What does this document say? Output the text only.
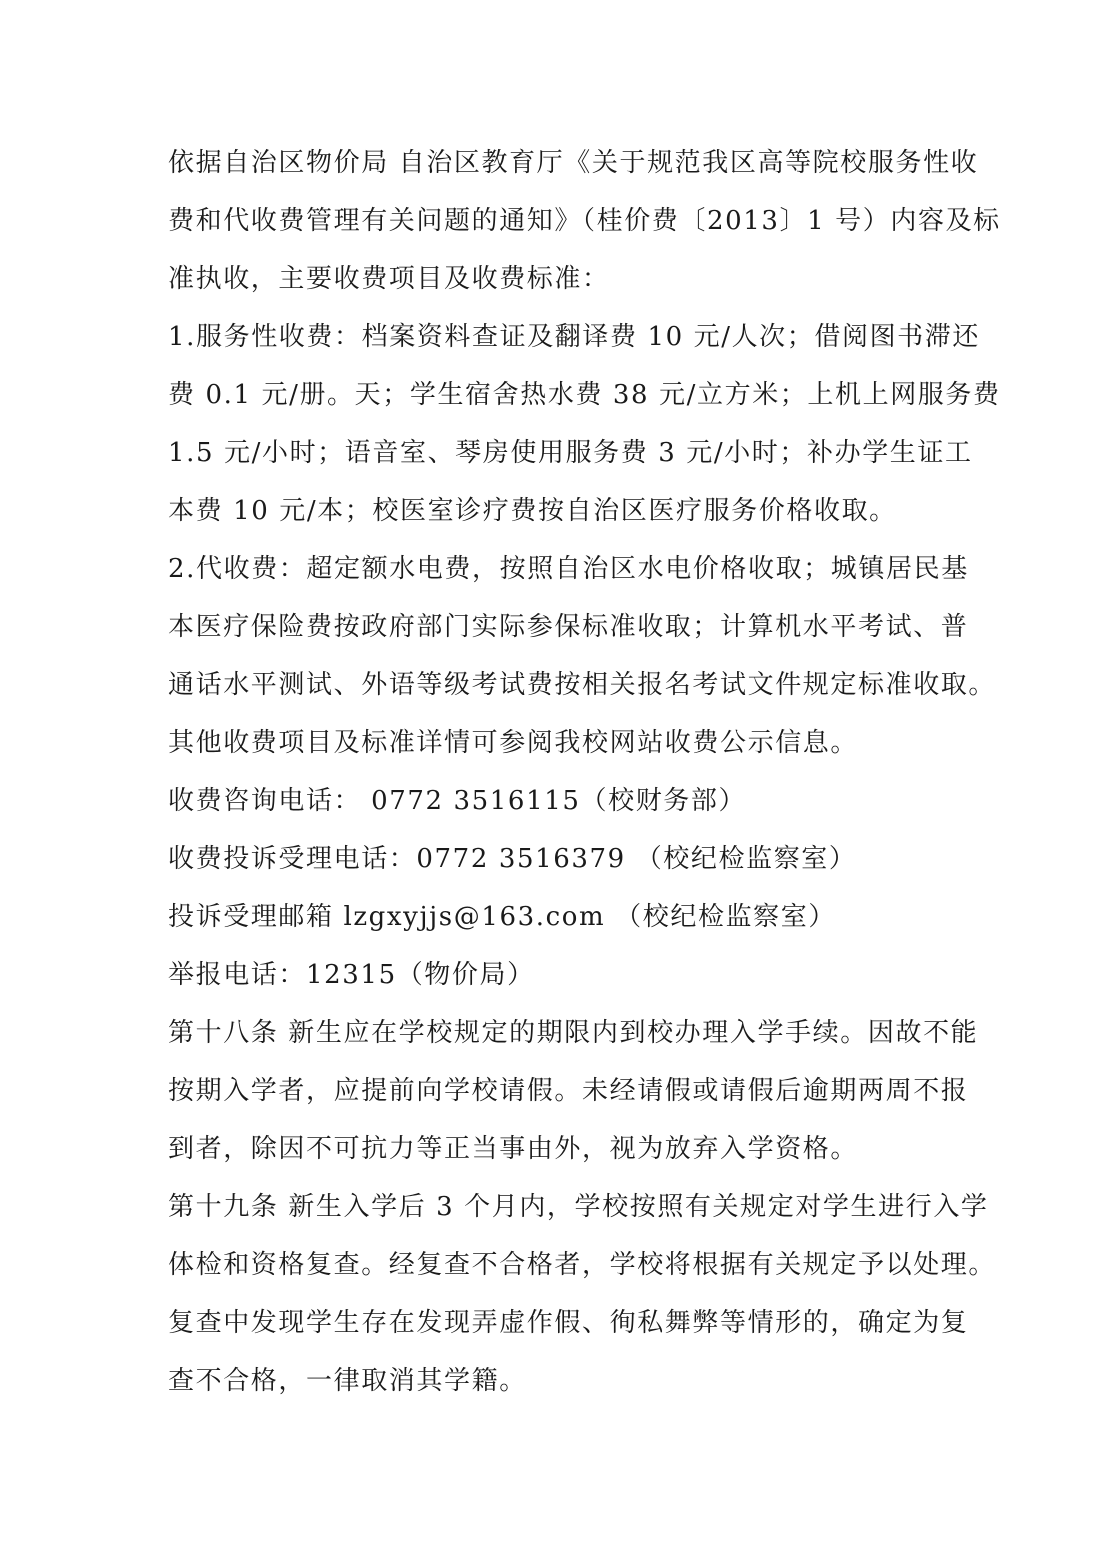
依据自治区物价局 自治区教育厅《关于规范我区高等院校服务性收
费和代收费管理有关问题的通知》（桂价费〔2013〕1 号）内容及标
准执收，主要收费项目及收费标准：
1.服务性收费：档案资料查证及翻译费 10 元/人次；借阅图书滞还
费 0.1 元/册。天；学生宿舍热水费 38 元/立方米；上机上网服务费
1.5 元/小时；语音室、琴房使用服务费 3 元/小时；补办学生证工
本费 10 元/本；校医室诊疗费按自治区医疗服务价格收取。
2.代收费：超定额水电费，按照自治区水电价格收取；城镇居民基
本医疗保险费按政府部门实际参保标准收取；计算机水平考试、普
通话水平测试、外语等级考试费按相关报名考试文件规定标准收取。
其他收费项目及标准详情可参阅我校网站收费公示信息。
收费咨询电话： 0772 3516115（校财务部）
收费投诉受理电话：0772 3516379 （校纪检监察室）
投诉受理邮箱 lzgxyjjs@163.com （校纪检监察室）
举报电话：12315（物价局）
第十八条 新生应在学校规定的期限内到校办理入学手续。因故不能
按期入学者，应提前向学校请假。未经请假或请假后逾期两周不报
到者，除因不可抗力等正当事由外，视为放弃入学资格。
第十九条 新生入学后 3 个月内，学校按照有关规定对学生进行入学
体检和资格复查。经复查不合格者，学校将根据有关规定予以处理。
复查中发现学生存在发现弄虚作假、徇私舞弊等情形的，确定为复
查不合格，一律取消其学籍。
